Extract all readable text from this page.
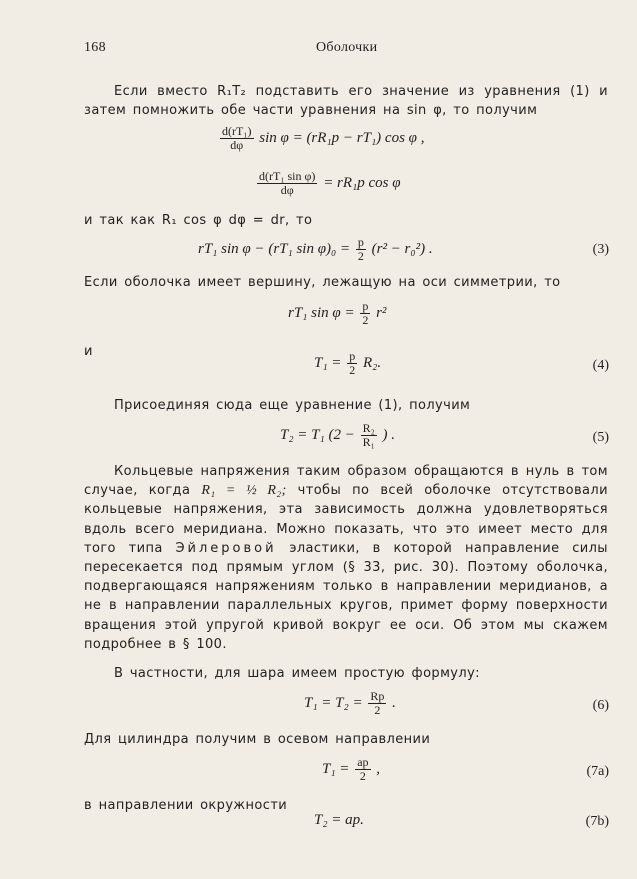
168	Оболочки
Если вместо R₁T₂ подставить его значение из уравнения (1) и затем помножить обе части уравнения на sin φ, то получим
$\frac{\text{d(rT₁)}}{d\varphi}$ sin φ = (rR₁p − rT₁) cos φ ,
$\frac{\text{d(rT₁ sin φ)}}{d\varphi} = rR_1p$ cos φ
и так как R₁ cos φ dφ = dr, то
rT₁ sin φ − (rT₁ $\sin \varphi)_0 = \frac{p}{2} (r^2 - r_0^2)$ .	(3)
Если оболочка имеет вершину, лежащую на оси симметрии, то
rT₁ $\sin \varphi = \frac{p}{2} r^2$
и
$T_1 = \frac{p}{2} R_2$.	(4)
Присоединяя сюда еще уравнение (1), получим
T₂ = T₁ ($2 - \frac{\text{R₂}}{\text{R₁}}$ ) .	(5)
Кольцевые напряжения таким образом обращаются в нуль в том случае, когда R₁ = ½ R₂; чтобы по всей оболочке отсутствовали кольцевые напряжения, эта зависимость должна удовлетворяться вдоль всего меридиана. Можно показать, что это имеет место для того типа Эйлеровой эластики, в которой направление силы пересекается под прямым углом (§ 33, рис. 30). Поэтому оболочка, подвергающаяся напряжениям только в направлении меридианов, а не в направлении параллельных кругов, примет форму поверхности вращения этой упругой кривой вокруг ее оси. Об этом мы скажем подробнее в § 100.
В частности, для шара имеем простую формулу:
$T_1 = T_2 = \frac{Rp}{2}$ .	(6)
Для цилиндра получим в осевом направлении
$T_1 = \frac{ap}{2}$ ,	(7a)
в направлении окружности
T₂ = ap.	(7b)
